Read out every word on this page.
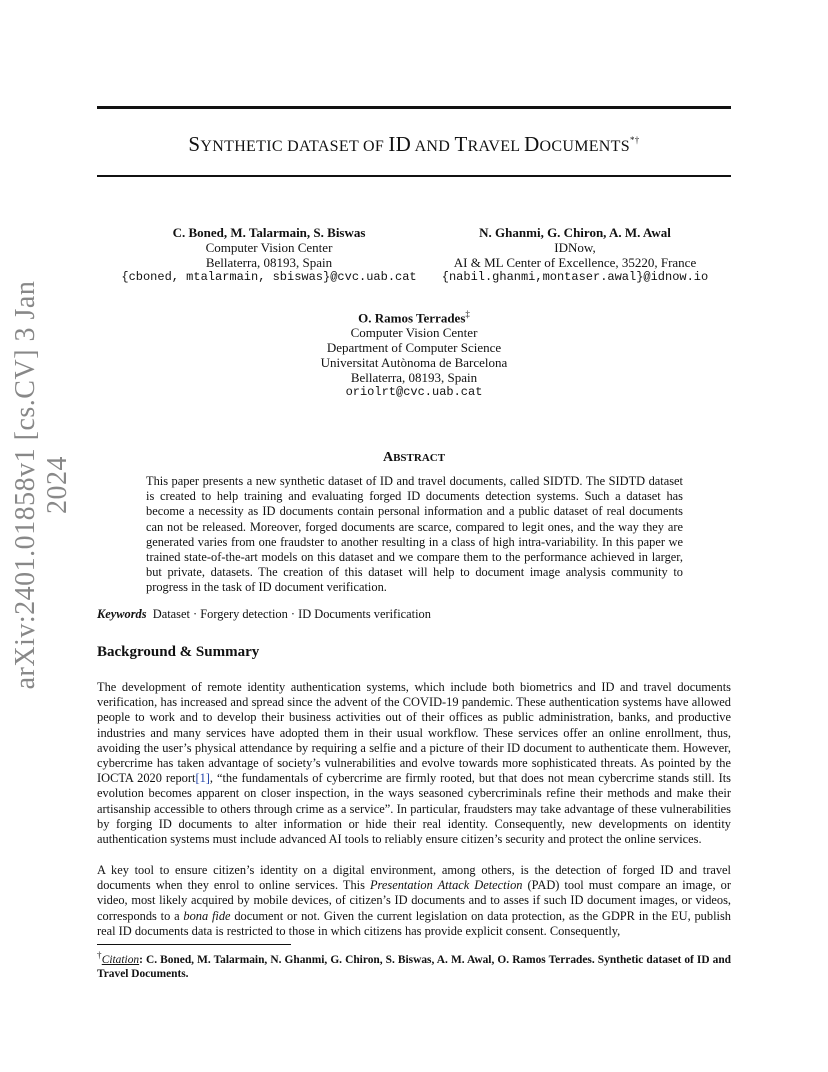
arXiv:2401.01858v1 [cs.CV] 3 Jan 2024
SYNTHETIC DATASET OF ID AND TRAVEL DOCUMENTS*†
C. Boned, M. Talarmain, S. Biswas
Computer Vision Center
Bellaterra, 08193, Spain
{cboned, mtalarmain, sbiswas}@cvc.uab.cat
N. Ghanmi, G. Chiron, A. M. Awal
IDNow,
AI & ML Center of Excellence, 35220, France
{nabil.ghanmi,montaser.awal}@idnow.io
O. Ramos Terrades‡
Computer Vision Center
Department of Computer Science
Universitat Autònoma de Barcelona
Bellaterra, 08193, Spain
oriolrt@cvc.uab.cat
ABSTRACT
This paper presents a new synthetic dataset of ID and travel documents, called SIDTD. The SIDTD dataset is created to help training and evaluating forged ID documents detection systems. Such a dataset has become a necessity as ID documents contain personal information and a public dataset of real documents can not be released. Moreover, forged documents are scarce, compared to legit ones, and the way they are generated varies from one fraudster to another resulting in a class of high intra-variability. In this paper we trained state-of-the-art models on this dataset and we compare them to the performance achieved in larger, but private, datasets. The creation of this dataset will help to document image analysis community to progress in the task of ID document verification.
Keywords Dataset · Forgery detection · ID Documents verification
Background & Summary
The development of remote identity authentication systems, which include both biometrics and ID and travel documents verification, has increased and spread since the advent of the COVID-19 pandemic. These authentication systems have allowed people to work and to develop their business activities out of their offices as public administration, banks, and productive industries and many services have adopted them in their usual workflow. These services offer an online enrollment, thus, avoiding the user’s physical attendance by requiring a selfie and a picture of their ID document to authenticate them. However, cybercrime has taken advantage of society’s vulnerabilities and evolve towards more sophisticated threats. As pointed by the IOCTA 2020 report[1], “the fundamentals of cybercrime are firmly rooted, but that does not mean cybercrime stands still. Its evolution becomes apparent on closer inspection, in the ways seasoned cybercriminals refine their methods and make their artisanship accessible to others through crime as a service”. In particular, fraudsters may take advantage of these vulnerabilities by forging ID documents to alter information or hide their real identity. Consequently, new developments on identity authentication systems must include advanced AI tools to reliably ensure citizen’s security and protect the online services.
A key tool to ensure citizen’s identity on a digital environment, among others, is the detection of forged ID and travel documents when they enrol to online services. This Presentation Attack Detection (PAD) tool must compare an image, or video, most likely acquired by mobile devices, of citizen’s ID documents and to asses if such ID document images, or videos, corresponds to a bona fide document or not. Given the current legislation on data protection, as the GDPR in the EU, publish real ID documents data is restricted to those in which citizens has provide explicit consent. Consequently,
†Citation: C. Boned, M. Talarmain, N. Ghanmi, G. Chiron, S. Biswas, A. M. Awal, O. Ramos Terrades. Synthetic dataset of ID and Travel Documents.
